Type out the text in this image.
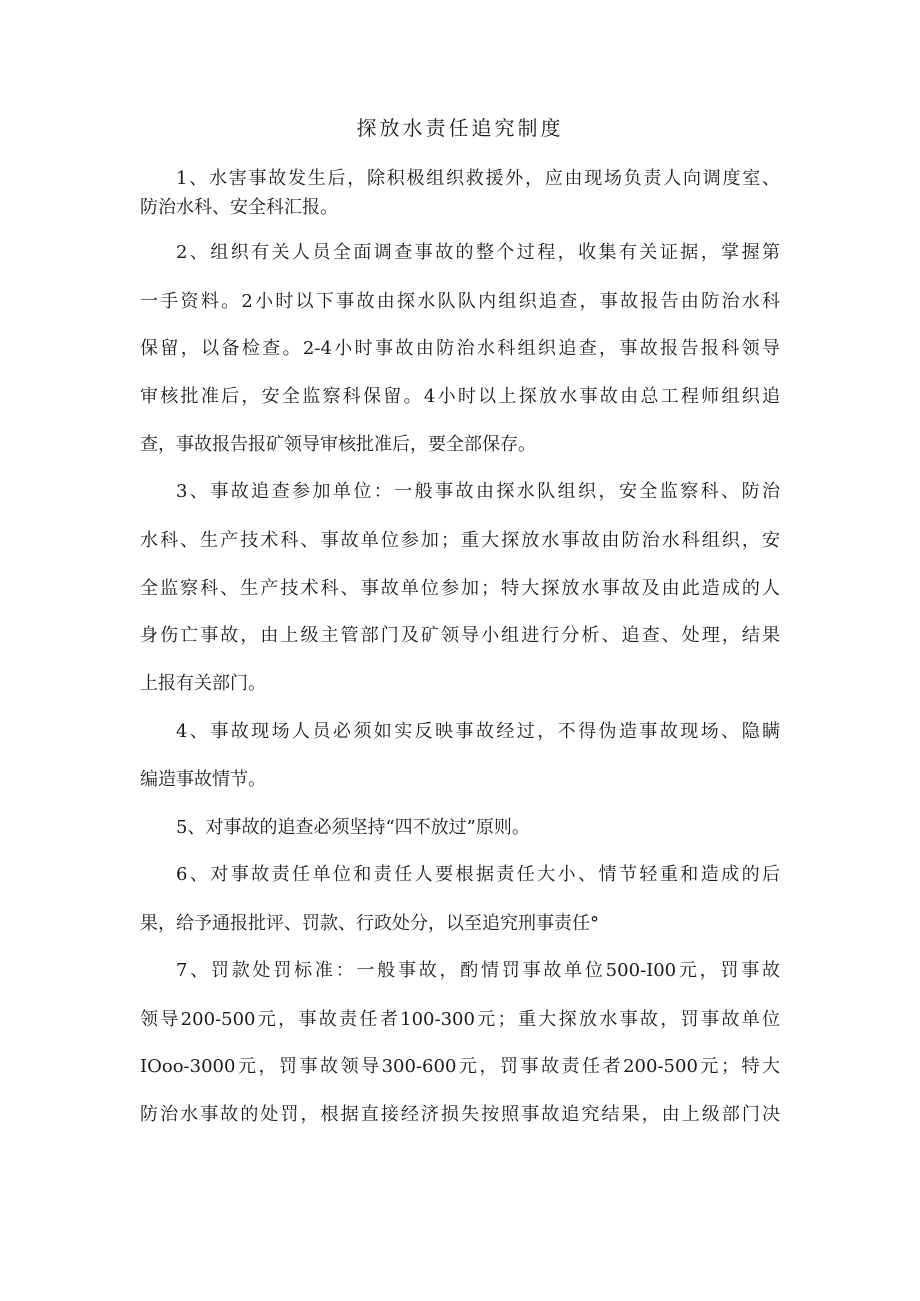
探放水责任追究制度
1、水害事故发生后，除积极组织救援外，应由现场负责人向调度室、
防治水科、安全科汇报。
2、组织有关人员全面调查事故的整个过程，收集有关证据，掌握第
一手资料。2小时以下事故由探水队队内组织追查，事故报告由防治水科
保留，以备检查。2-4小时事故由防治水科组织追查，事故报告报科领导
审核批准后，安全监察科保留。4小时以上探放水事故由总工程师组织追
查，事故报告报矿领导审核批准后，要全部保存。
3、事故追查参加单位：一般事故由探水队组织，安全监察科、防治
水科、生产技术科、事故单位参加；重大探放水事故由防治水科组织，安
全监察科、生产技术科、事故单位参加；特大探放水事故及由此造成的人
身伤亡事故，由上级主管部门及矿领导小组进行分析、追查、处理，结果
上报有关部门。
4、事故现场人员必须如实反映事故经过，不得伪造事故现场、隐瞒
编造事故情节。
5、对事故的追查必须坚持“四不放过”原则。
6、对事故责任单位和责任人要根据责任大小、情节轻重和造成的后
果，给予通报批评、罚款、行政处分，以至追究刑事责任°
7、罚款处罚标准：一般事故，酌情罚事故单位500-I00元，罚事故
领导200-500元，事故责任者100-300元；重大探放水事故，罚事故单位
IOoo-3000元，罚事故领导300-600元，罚事故责任者200-500元；特大
防治水事故的处罚，根据直接经济损失按照事故追究结果，由上级部门决
